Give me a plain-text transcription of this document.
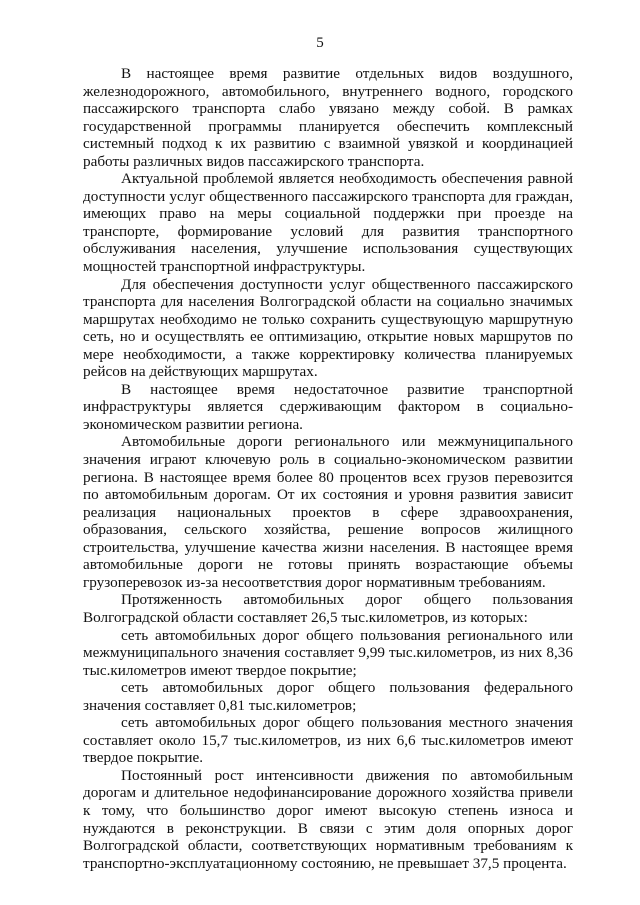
5

В настоящее время развитие отдельных видов воздушного, железнодорожного, автомобильного, внутреннего водного, городского пассажирского транспорта слабо увязано между собой. В рамках государственной программы планируется обеспечить комплексный системный подход к их развитию с взаимной увязкой и координацией работы различных видов пассажирского транспорта.

Актуальной проблемой является необходимость обеспечения равной доступности услуг общественного пассажирского транспорта для граждан, имеющих право на меры социальной поддержки при проезде на транспорте, формирование условий для развития транспортного обслуживания населения, улучшение использования существующих мощностей транспортной инфраструктуры.

Для обеспечения доступности услуг общественного пассажирского транспорта для населения Волгоградской области на социально значимых маршрутах необходимо не только сохранить существующую маршрутную сеть, но и осуществлять ее оптимизацию, открытие новых маршрутов по мере необходимости, а также корректировку количества планируемых рейсов на действующих маршрутах.

В настоящее время недостаточное развитие транспортной инфраструктуры является сдерживающим фактором в социально-экономическом развитии региона.

Автомобильные дороги регионального или межмуниципального значения играют ключевую роль в социально-экономическом развитии региона. В настоящее время более 80 процентов всех грузов перевозится по автомобильным дорогам. От их состояния и уровня развития зависит реализация национальных проектов в сфере здравоохранения, образования, сельского хозяйства, решение вопросов жилищного строительства, улучшение качества жизни населения. В настоящее время автомобильные дороги не готовы принять возрастающие объемы грузоперевозок из-за несоответствия дорог нормативным требованиям.

Протяженность автомобильных дорог общего пользования Волгоградской области составляет 26,5 тыс.километров, из которых:

сеть автомобильных дорог общего пользования регионального или межмуниципального значения составляет 9,99 тыс.километров, из них 8,36 тыс.километров имеют твердое покрытие;

сеть автомобильных дорог общего пользования федерального значения составляет 0,81 тыс.километров;

сеть автомобильных дорог общего пользования местного значения составляет около 15,7 тыс.километров, из них 6,6 тыс.километров имеют твердое покрытие.

Постоянный рост интенсивности движения по автомобильным дорогам и длительное недофинансирование дорожного хозяйства привели к тому, что большинство дорог имеют высокую степень износа и нуждаются в реконструкции. В связи с этим доля опорных дорог Волгоградской области, соответствующих нормативным требованиям к транспортно-эксплуатационному состоянию, не превышает 37,5 процента.
